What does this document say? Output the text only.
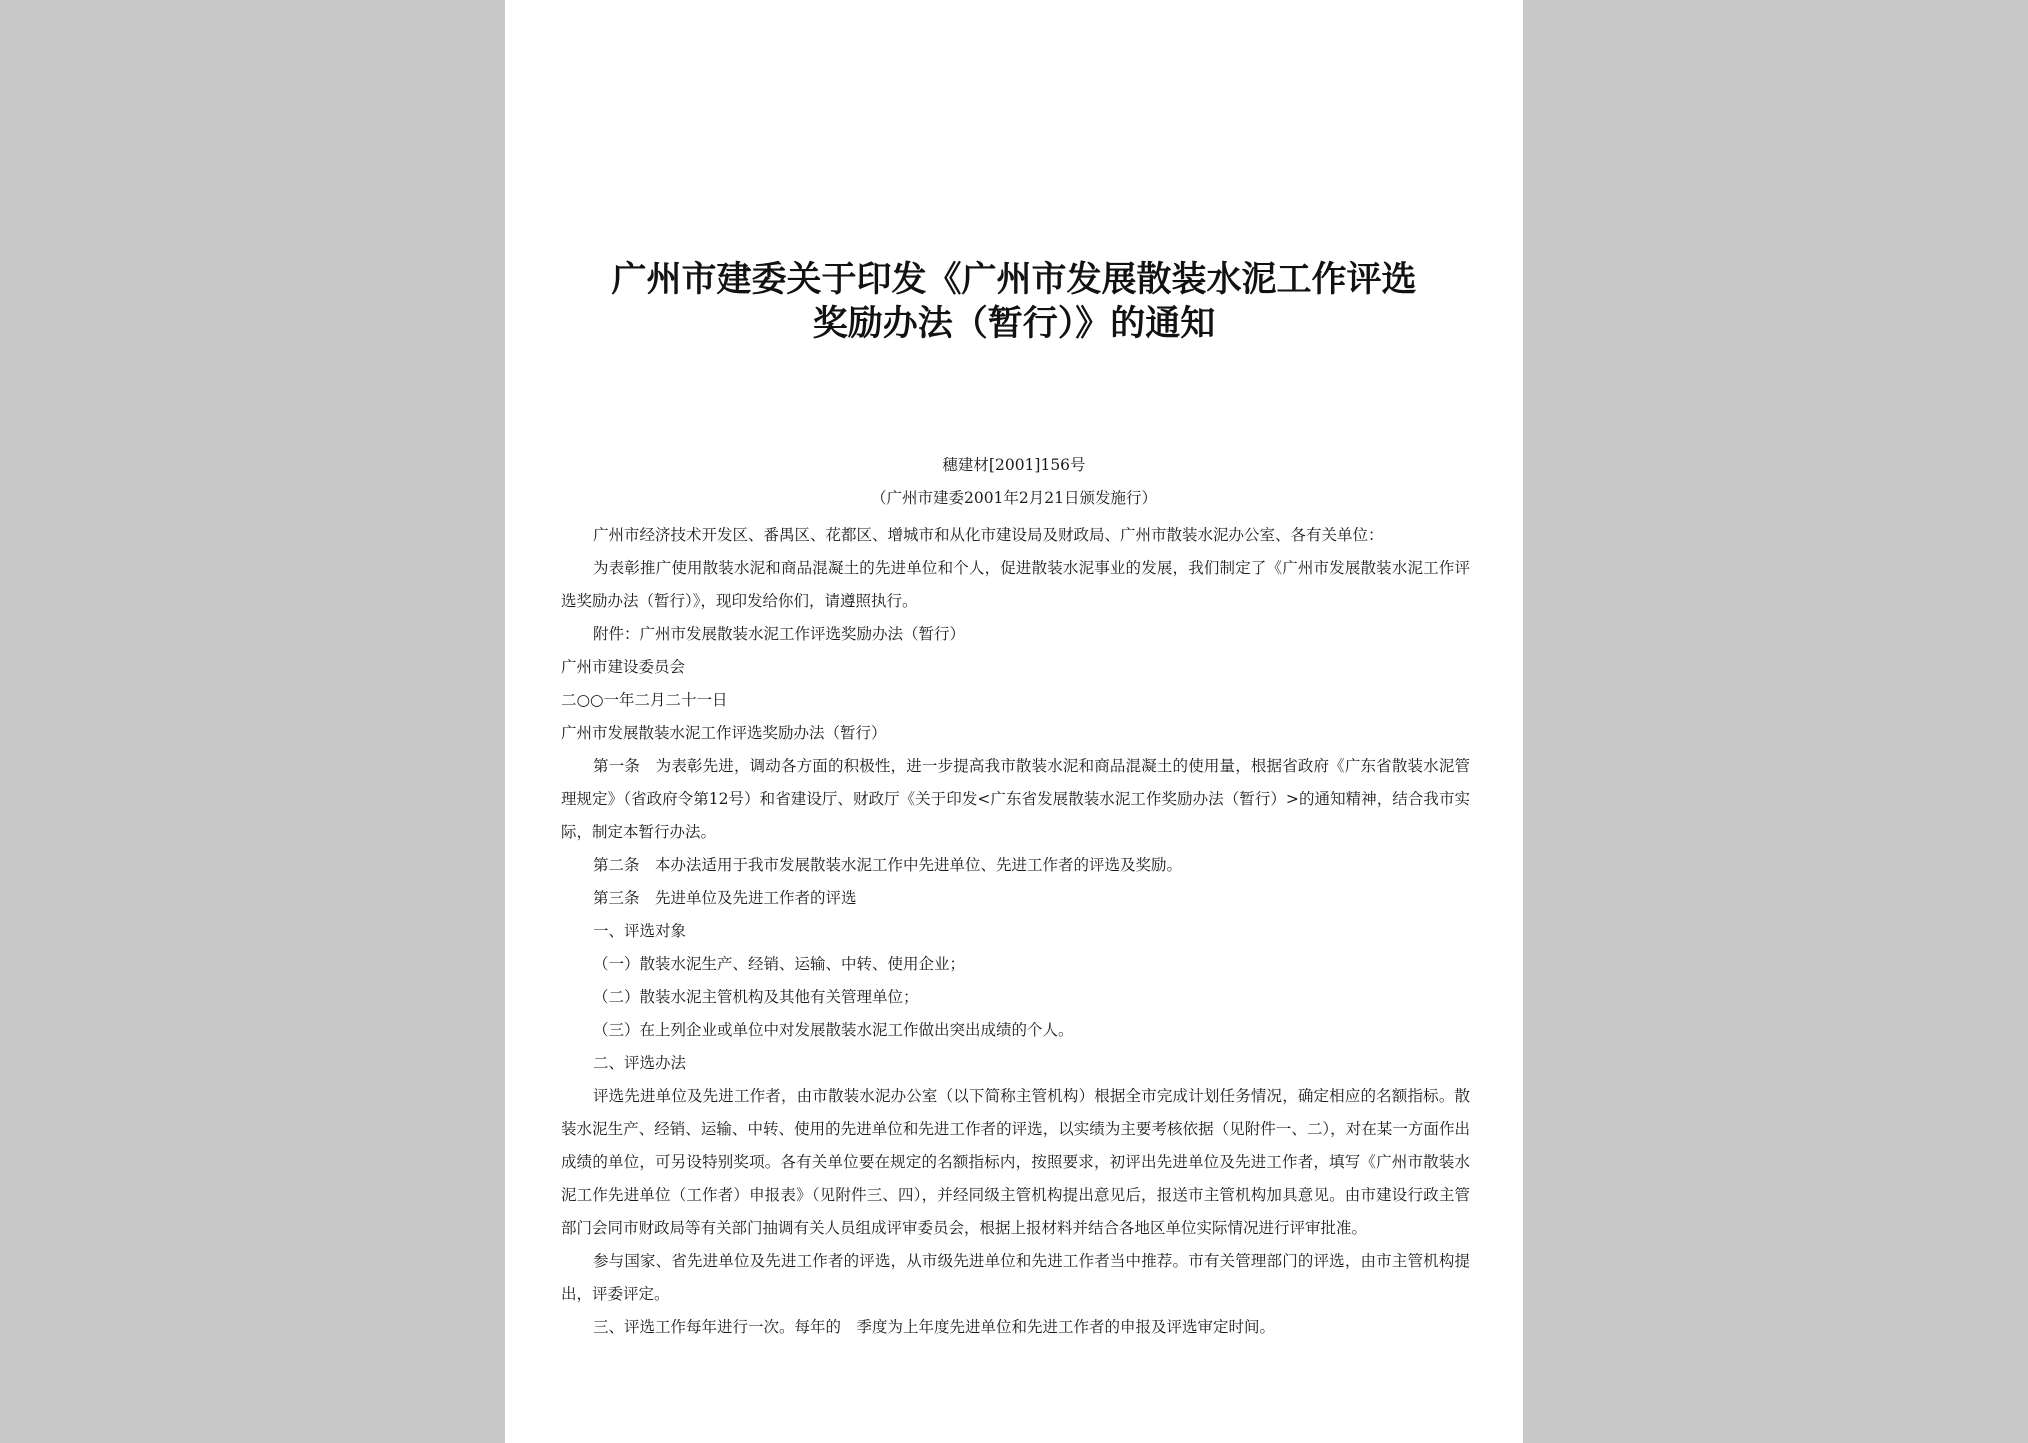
广州市建委关于印发《广州市发展散装水泥工作评选
奖励办法（暂行）》的通知
穗建材[2001]156号
（广州市建委2001年2月21日颁发施行）

广州市经济技术开发区、番禺区、花都区、增城市和从化市建设局及财政局、广州市散装水泥办公室、各有关单位：

为表彰推广使用散装水泥和商品混凝土的先进单位和个人，促进散装水泥事业的发展，我们制定了《广州市发展散装水泥工作评选奖励办法（暂行）》，现印发给你们，请遵照执行。

附件：广州市发展散装水泥工作评选奖励办法（暂行）

广州市建设委员会

二○○一年二月二十一日

广州市发展散装水泥工作评选奖励办法（暂行）

第一条　为表彰先进，调动各方面的积极性，进一步提高我市散装水泥和商品混凝土的使用量，根据省政府《广东省散装水泥管理规定》（省政府令第12号）和省建设厅、财政厅《关于印发<广东省发展散装水泥工作奖励办法（暂行）>的通知精神，结合我市实际，制定本暂行办法。

第二条　本办法适用于我市发展散装水泥工作中先进单位、先进工作者的评选及奖励。

第三条　先进单位及先进工作者的评选

一、评选对象

（一）散装水泥生产、经销、运输、中转、使用企业；

（二）散装水泥主管机构及其他有关管理单位；

（三）在上列企业或单位中对发展散装水泥工作做出突出成绩的个人。

二、评选办法

评选先进单位及先进工作者，由市散装水泥办公室（以下简称主管机构）根据全市完成计划任务情况，确定相应的名额指标。散装水泥生产、经销、运输、中转、使用的先进单位和先进工作者的评选，以实绩为主要考核依据（见附件一、二），对在某一方面作出成绩的单位，可另设特别奖项。各有关单位要在规定的名额指标内，按照要求，初评出先进单位及先进工作者，填写《广州市散装水泥工作先进单位（工作者）申报表》（见附件三、四），并经同级主管机构提出意见后，报送市主管机构加具意见。由市建设行政主管部门会同市财政局等有关部门抽调有关人员组成评审委员会，根据上报材料并结合各地区单位实际情况进行评审批准。

参与国家、省先进单位及先进工作者的评选，从市级先进单位和先进工作者当中推荐。市有关管理部门的评选，由市主管机构提出，评委评定。

三、评选工作每年进行一次。每年的　季度为上年度先进单位和先进工作者的申报及评选审定时间。
